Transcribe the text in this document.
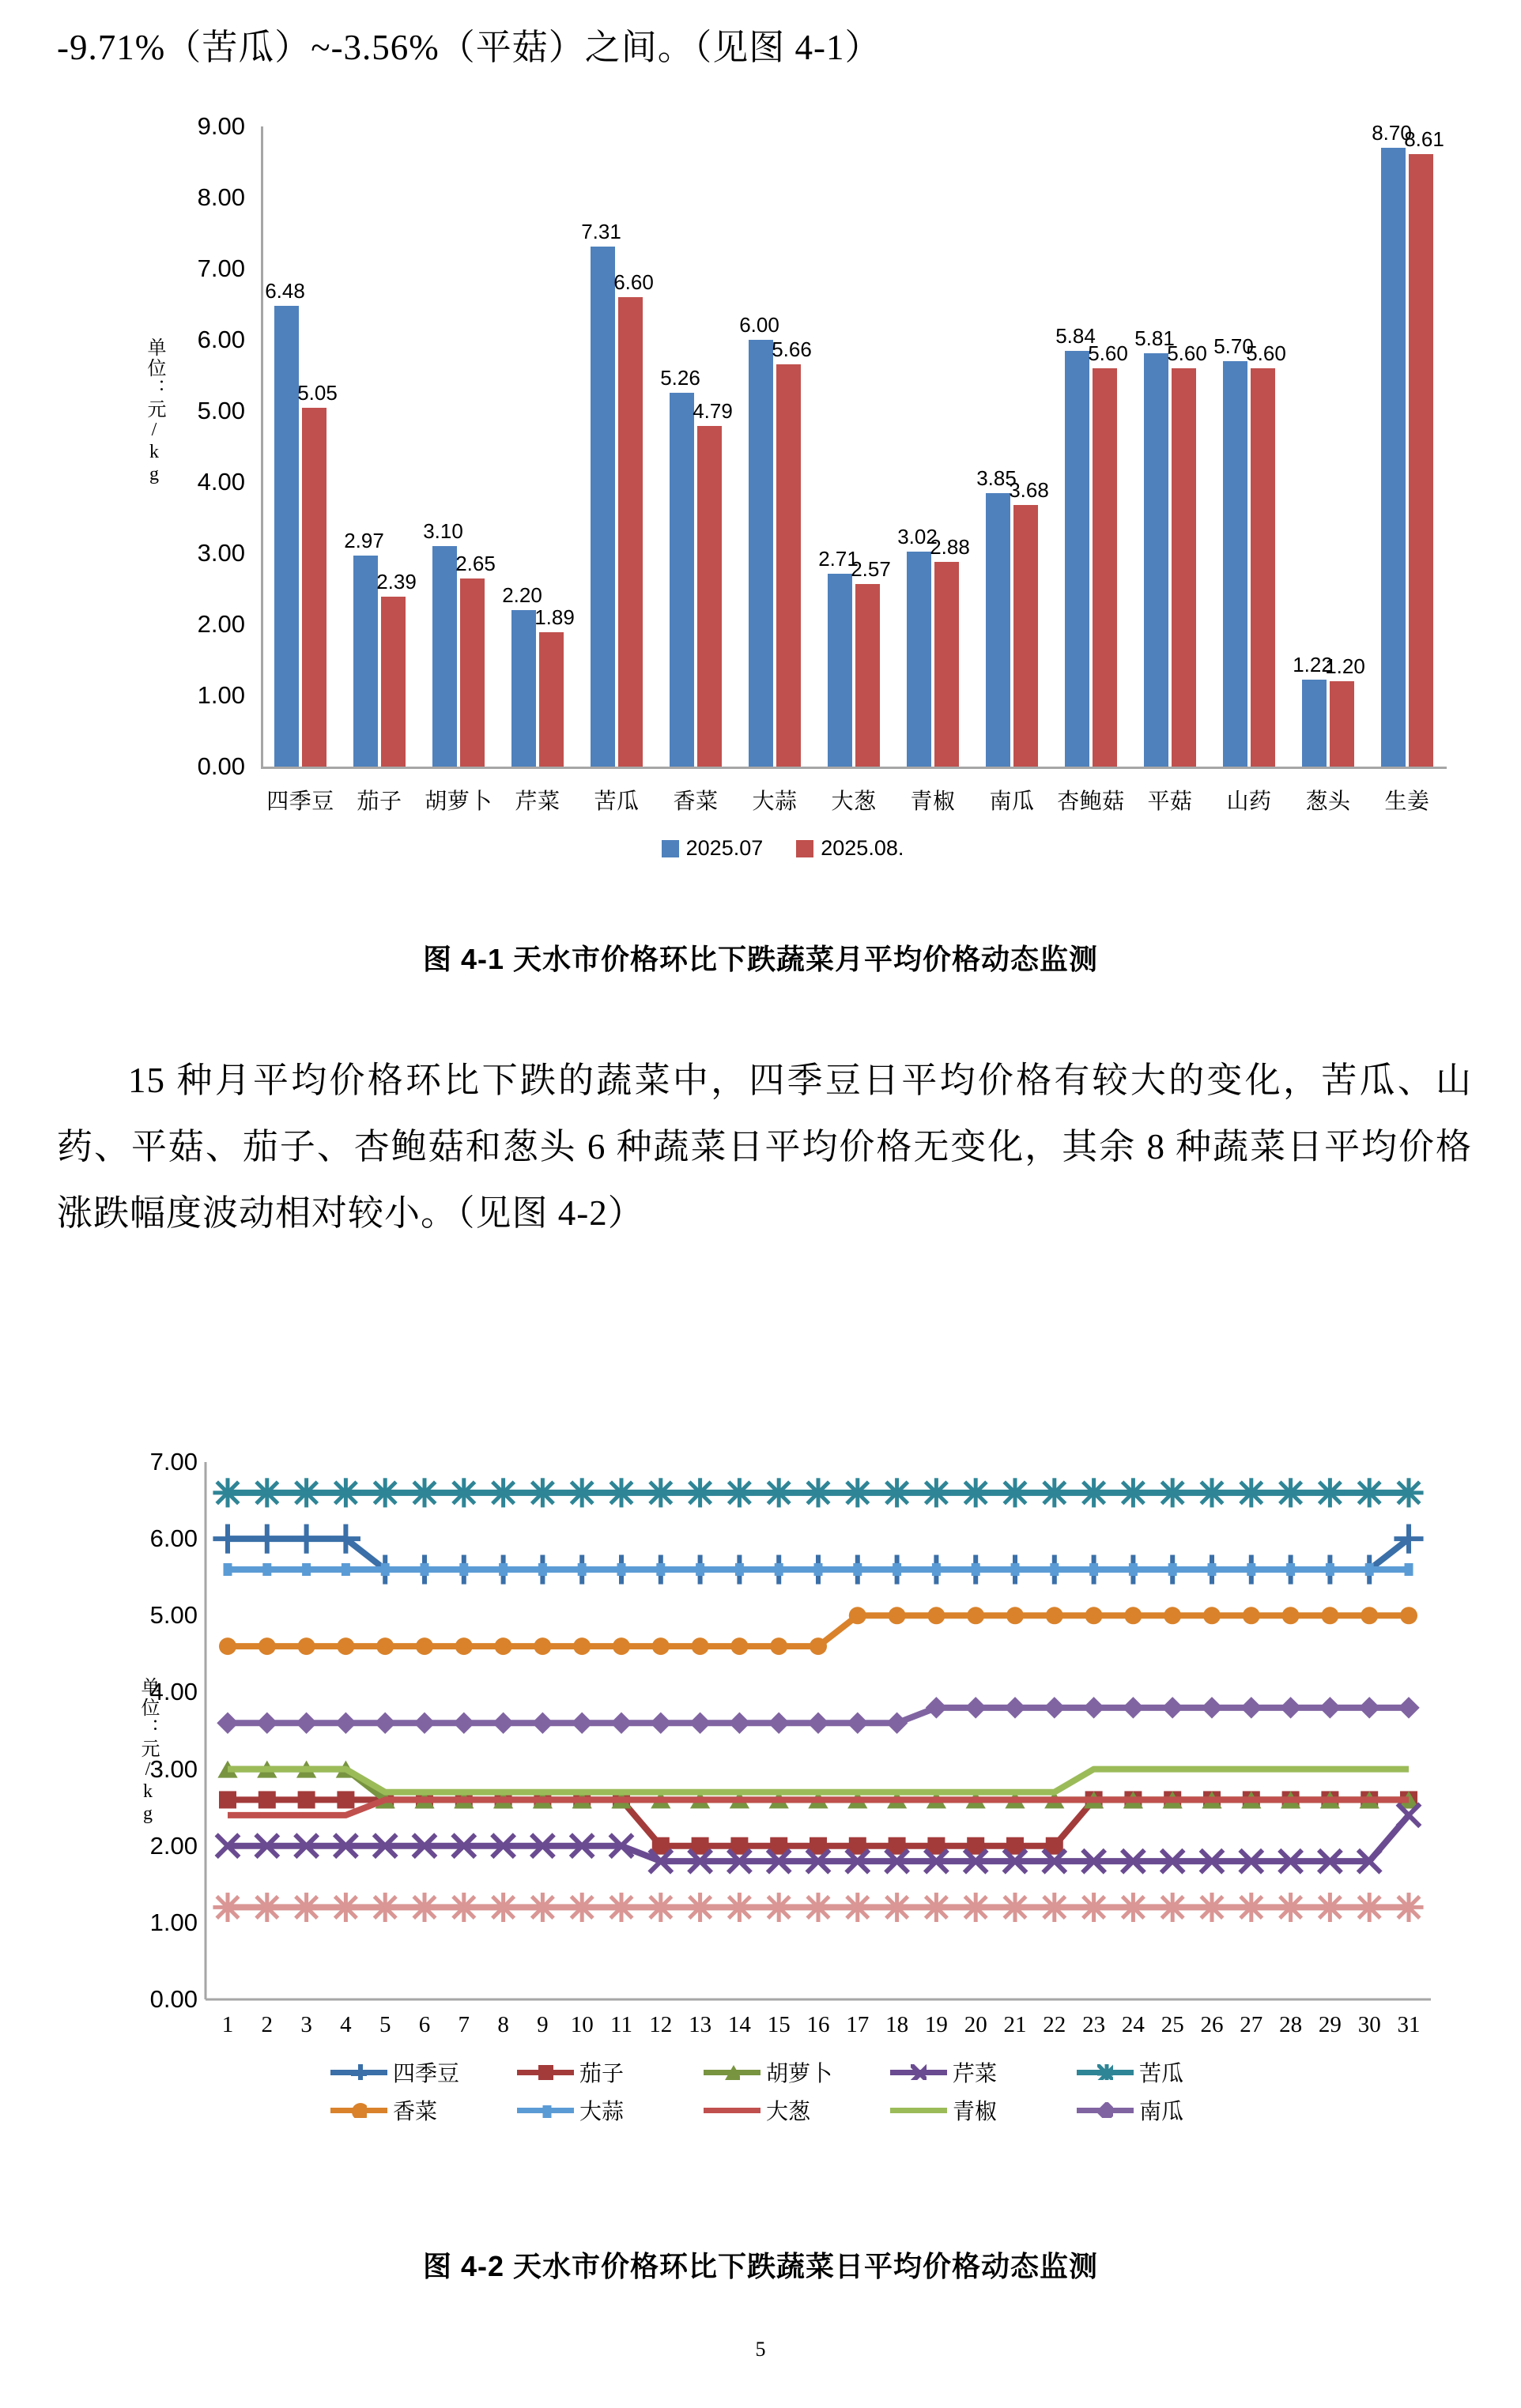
-9.71%（苦瓜）~-3.56%（平菇）之间。（见图 4-1）
单位：元/kg
0.00
1.00
2.00
3.00
4.00
5.00
6.00
7.00
8.00
9.00
6.48
5.05
2.97
2.39
3.10
2.65
2.20
1.89
7.31
6.60
5.26
4.79
6.00
5.66
2.71
2.57
3.02
2.88
3.85
3.68
5.84
5.60
5.81
5.60 5.70
5.60
1.22
1.20
8.70
8.61
四季豆 茄子 胡萝卜 芹菜 苦瓜 香菜 大蒜 大葱 青椒 南瓜 杏鲍菇 平菇 山药 葱头 生姜
2025.07	2025.08.
图 4-1 天水市价格环比下跌蔬菜月平均价格动态监测
15 种月平均价格环比下跌的蔬菜中，四季豆日平均价格有较大的变化，苦瓜、山药、平菇、茄子、杏鲍菇和葱头 6 种蔬菜日平均价格无变化，其余 8 种蔬菜日平均价格涨跌幅度波动相对较小。（见图 4-2）
单位：元/kg
0.00
1.00
2.00
3.00
4.00
5.00
6.00
7.00
1 2 3 4 5 6 7 8 9 10 11 12 13 14 15 16 17 18 19 20 21 22 23 24 25 26 27 28 29 30 31
四季豆	茄子	胡萝卜	芹菜	苦瓜
香菜	大蒜	大葱	青椒	南瓜
图 4-2 天水市价格环比下跌蔬菜日平均价格动态监测
5
